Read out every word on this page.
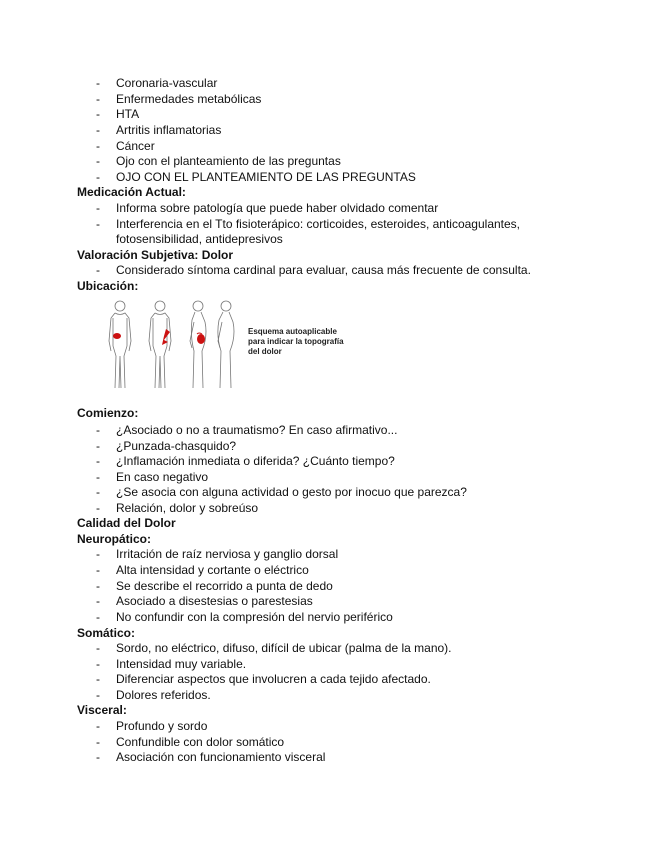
- Coronaria-vascular
- Enfermedades metabólicas
- HTA
- Artritis inflamatorias
- Cáncer
- Ojo con el planteamiento de las preguntas
- OJO CON EL PLANTEAMIENTO DE LAS PREGUNTAS
Medicación Actual:
- Informa sobre patología que puede haber olvidado comentar
- Interferencia en el Tto fisioterápico: corticoides, esteroides, anticoagulantes,
fotosensibilidad, antidepresivos
Valoración Subjetiva: Dolor
- Considerado síntoma cardinal para evaluar, causa más frecuente de consulta.
Ubicación:
Esquema autoaplicable
para indicar la topografía
del dolor
Comienzo:
- ¿Asociado o no a traumatismo? En caso afirmativo...
- ¿Punzada-chasquido?
- ¿Inflamación inmediata o diferida? ¿Cuánto tiempo?
- En caso negativo
- ¿Se asocia con alguna actividad o gesto por inocuo que parezca?
- Relación, dolor y sobreúso
Calidad del Dolor
Neuropático:
- Irritación de raíz nerviosa y ganglio dorsal
- Alta intensidad y cortante o eléctrico
- Se describe el recorrido a punta de dedo
- Asociado a disestesias o parestesias
- No confundir con la compresión del nervio periférico
Somático:
- Sordo, no eléctrico, difuso, difícil de ubicar (palma de la mano).
- Intensidad muy variable.
- Diferenciar aspectos que involucren a cada tejido afectado.
- Dolores referidos.
Visceral:
- Profundo y sordo
- Confundible con dolor somático
- Asociación con funcionamiento visceral
